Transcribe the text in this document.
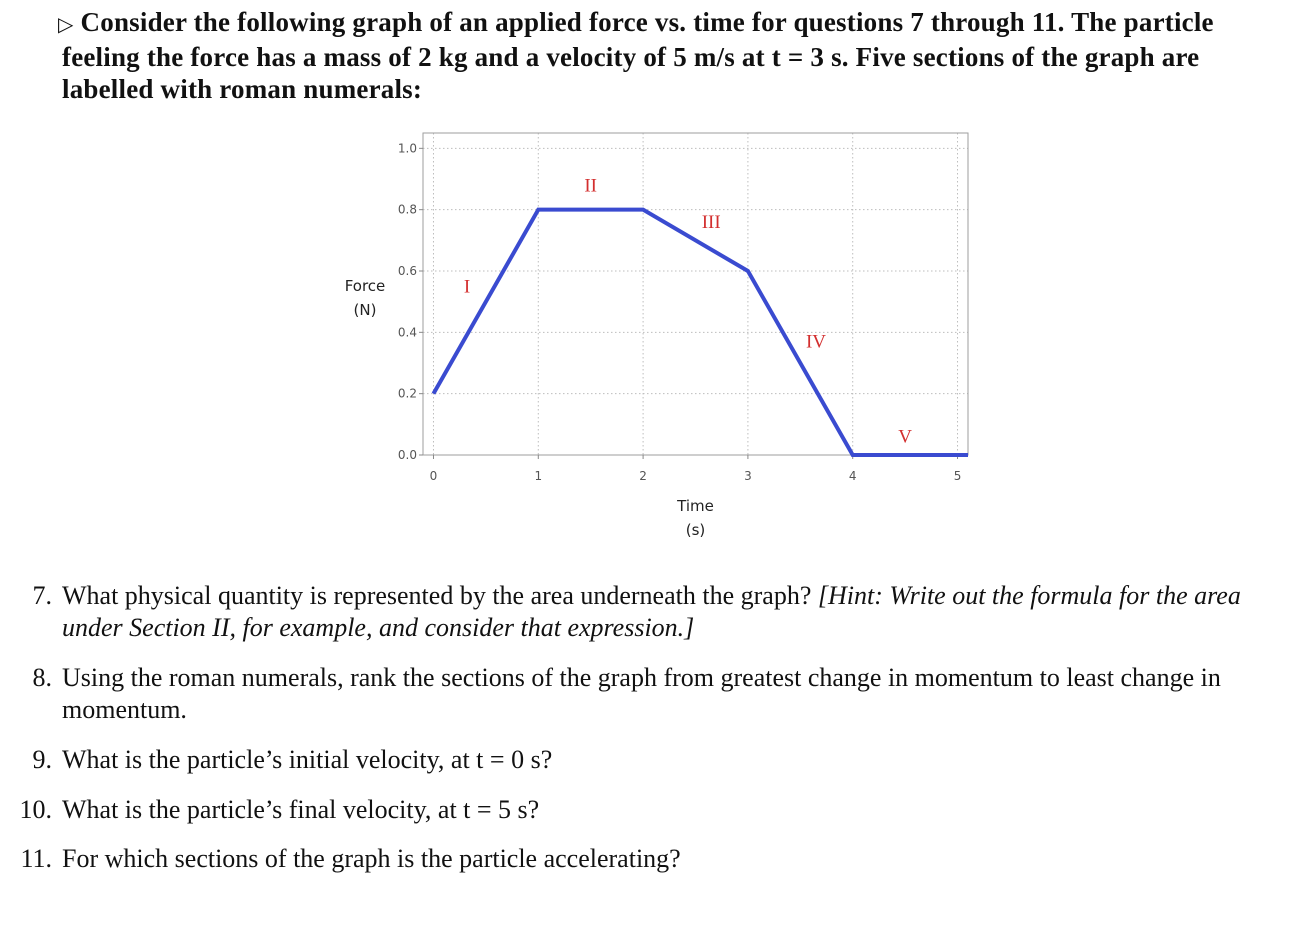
▷ Consider the following graph of an applied force vs. time for questions 7 through 11. The particle feeling the force has a mass of 2 kg and a velocity of 5 m/s at t = 3 s. Five sections of the graph are labelled with roman numerals:
0	1	2	3	4	5
0.0
0.2
0.4
0.6
0.8
1.0
Time
(s)
Force
(N)
I
II
III
IV
V
7. What physical quantity is represented by the area underneath the graph? [Hint: Write out the formula for the area under Section II, for example, and consider that expression.]
8. Using the roman numerals, rank the sections of the graph from greatest change in momentum to least change in momentum.
9. What is the particle’s initial velocity, at t = 0 s?
10. What is the particle’s final velocity, at t = 5 s?
11. For which sections of the graph is the particle accelerating?
